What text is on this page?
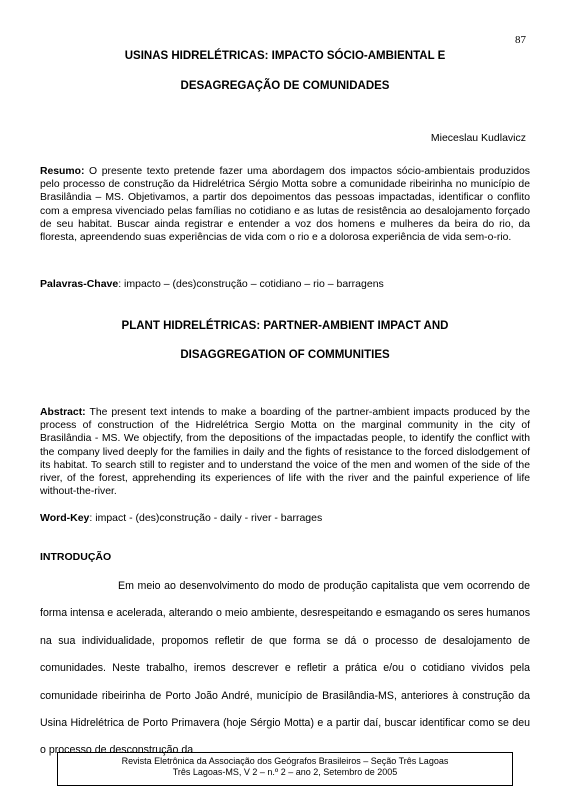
87
USINAS HIDRELÉTRICAS: IMPACTO SÓCIO-AMBIENTAL E
DESAGREGAÇÃO DE COMUNIDADES
Mieceslau Kudlavicz

Resumo: O presente texto pretende fazer uma abordagem dos impactos sócio-ambientais produzidos pelo processo de construção da Hidrelétrica Sérgio Motta sobre a comunidade ribeirinha no município de Brasilândia – MS. Objetivamos, a partir dos depoimentos das pessoas impactadas, identificar o conflito com a empresa vivenciado pelas famílias no cotidiano e as lutas de resistência ao desalojamento forçado de seu habitat. Buscar ainda registrar e entender a voz dos homens e mulheres da beira do rio, da floresta, apreendendo suas experiências de vida com o rio e a dolorosa experiência de vida sem-o-rio.

Palavras-Chave: impacto – (des)construção – cotidiano – rio – barragens
PLANT HIDRELÉTRICAS: PARTNER-AMBIENT IMPACT AND
DISAGGREGATION OF COMMUNITIES

Abstract: The present text intends to make a boarding of the partner-ambient impacts produced by the process of construction of the Hidrelétrica Sergio Motta on the marginal community in the city of Brasilândia - MS. We objectify, from the depositions of the impactadas people, to identify the conflict with the company lived deeply for the families in daily and the fights of resistance to the forced dislodgement of its habitat. To search still to register and to understand the voice of the men and women of the side of the river, of the forest, apprehending its experiences of life with the river and the painful experience of life without-the-river.

Word-Key: impact - (des)construção - daily - river - barrages
INTRODUÇÃO

Em meio ao desenvolvimento do modo de produção capitalista que vem ocorrendo de forma intensa e acelerada, alterando o meio ambiente, desrespeitando e esmagando os seres humanos na sua individualidade, propomos refletir de que forma se dá o processo de desalojamento de comunidades. Neste trabalho, iremos descrever e refletir a prática e/ou o cotidiano vividos pela comunidade ribeirinha de Porto João André, município de Brasilândia-MS, anteriores à construção da Usina Hidrelétrica de Porto Primavera (hoje Sérgio Motta) e a partir daí, buscar identificar como se deu o processo de desconstrução da

Revista Eletrônica da Associação dos Geógrafos Brasileiros – Seção Três Lagoas
Três Lagoas-MS, V 2 – n.º 2 – ano 2, Setembro de 2005
